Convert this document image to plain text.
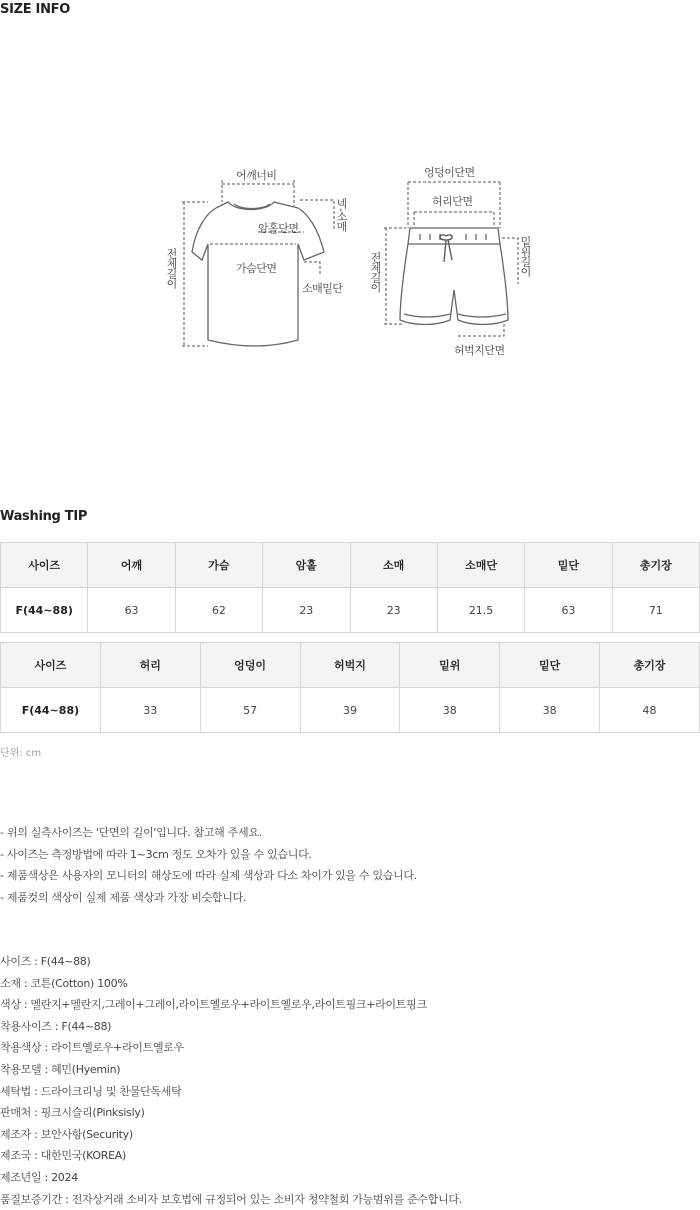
SIZE INFO
어깨너비
암홀단면
가슴단면
넥-소매
전체길이
소매밑단
엉덩이단면
허리단면
전체길이	밑위길이
허벅지단면
Washing TIP
사이즈	어깨	가슴	암홀	소매	소매단	밑단	총기장
F(44~88)	63	62	23	23	21.5	63	71
사이즈	허리	엉덩이	허벅지	밑위	밑단	총기장
F(44~88)	33	57	39	38	38	48
단위: cm
- 위의 실측사이즈는 '단면의 길이'입니다. 참고해 주세요.
- 사이즈는 측정방법에 따라 1~3cm 정도 오차가 있을 수 있습니다.
- 제품색상은 사용자의 모니터의 해상도에 따라 실제 색상과 다소 차이가 있을 수 있습니다.
- 제품컷의 색상이 실제 제품 색상과 가장 비슷합니다.
사이즈 : F(44~88)
소재 : 코튼(Cotton) 100%
색상 : 멜란지+멜란지,그레이+그레이,라이트옐로우+라이트옐로우,라이트핑크+라이트핑크
착용사이즈 : F(44~88)
착용색상 : 라이트옐로우+라이트옐로우
착용모델 : 혜민(Hyemin)
세탁법 : 드라이크리닝 및 찬물단독세탁
판매처 : 핑크시슬리(Pinksisly)
제조자 : 보안사항(Security)
제조국 : 대한민국(KOREA)
제조년일 : 2024
품질보증기간 : 전자상거래 소비자 보호법에 규정되어 있는 소비자 청약철회 가능범위를 준수합니다.
